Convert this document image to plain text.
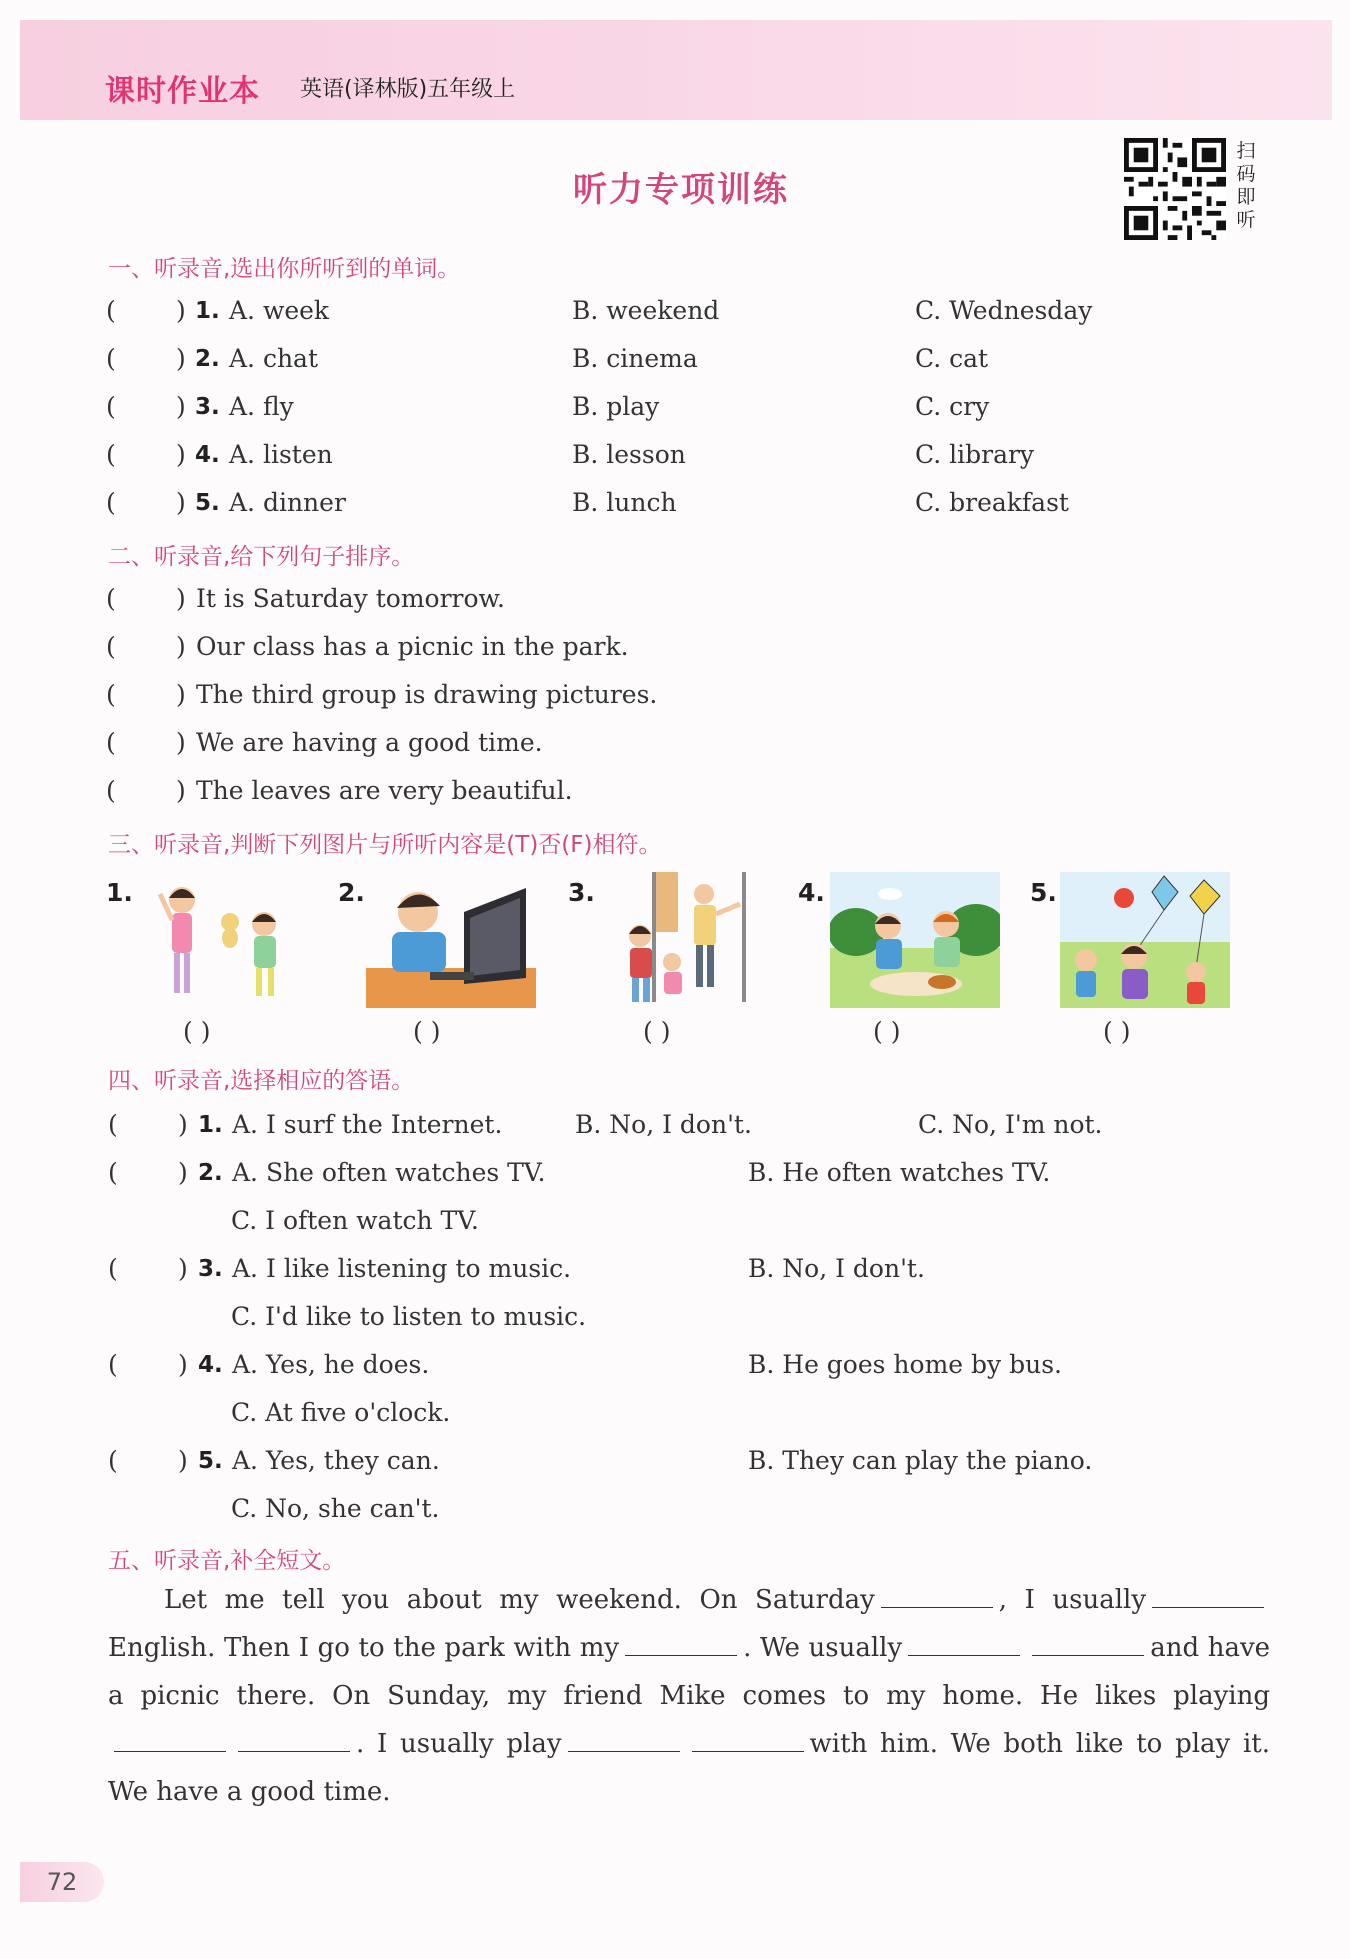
课时作业本 英语(译林版)五年级上
听力专项训练
扫
码
即
听
一、听录音,选出你所听到的单词。
( ) 1. A. week	B. weekend	C. Wednesday
( ) 2. A. chat	B. cinema	C. cat
( ) 3. A. fly	B. play	C. cry
( ) 4. A. listen	B. lesson	C. library
( ) 5. A. dinner	B. lunch	C. breakfast
二、听录音,给下列句子排序。
( ) It is Saturday tomorrow.
( ) Our class has a picnic in the park.
( ) The third group is drawing pictures.
( ) We are having a good time.
( ) The leaves are very beautiful.
三、听录音,判断下列图片与所听内容是(T)否(F)相符。
1.
( )
2.
( )
3.
( )
4.
( )
5.
( )
四、听录音,选择相应的答语。
( ) 1. A. I surf the Internet.	B. No, I don't.	C. No, I'm not.
( ) 2. A. She often watches TV.	B. He often watches TV.
C. I often watch TV.
( ) 3. A. I like listening to music.	B. No, I don't.
C. I'd like to listen to music.
( ) 4. A. Yes, he does.	B. He goes home by bus.
C. At five o'clock.
( ) 5. A. Yes, they can.	B. They can play the piano.
C. No, she can't.
五、听录音,补全短文。

Let me tell you about my weekend. On Saturday	, I usuallyEnglish. Then I go to the park with my	. We usually	and have a picnic there. On Sunday, my friend Mike comes to my home. He likes playing. I usually play	with him. We both like to play it. We have a good time.

72
